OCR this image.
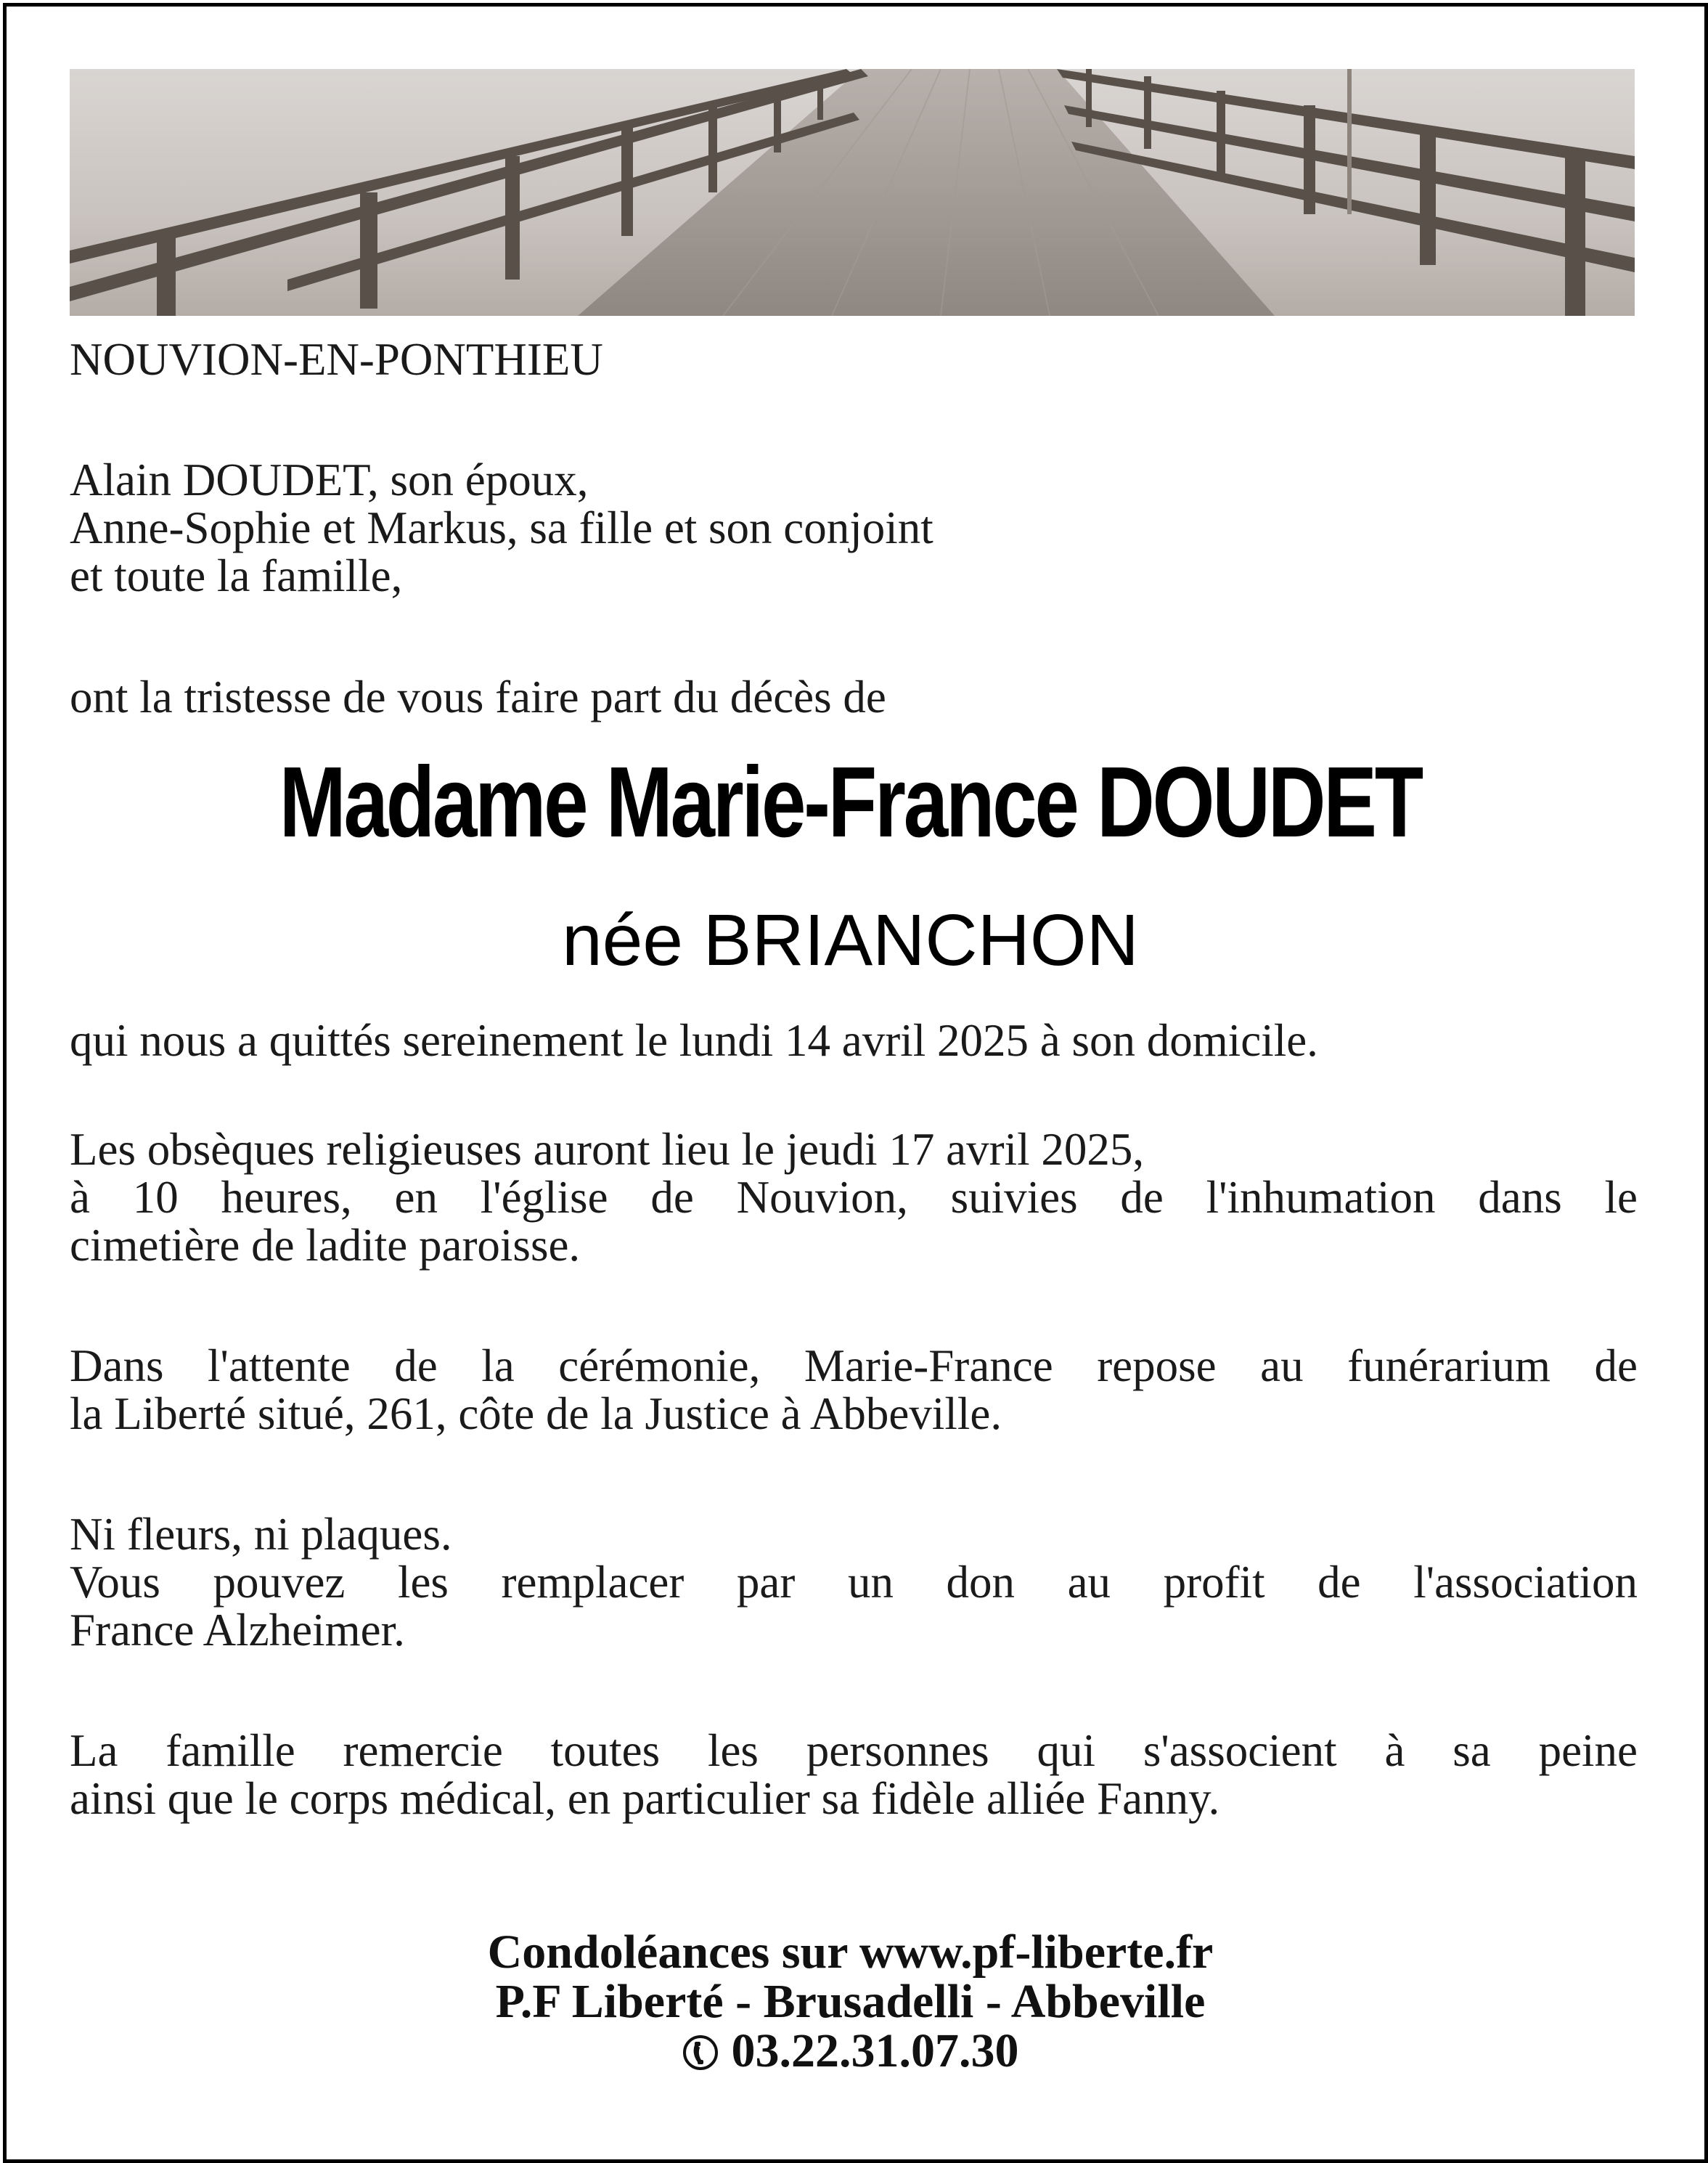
NOUVION-EN-PONTHIEU

Alain DOUDET, son époux,

Anne-Sophie et Markus, sa fille et son conjoint

et toute la famille,

ont la tristesse de vous faire part du décès de

Madame Marie-France DOUDET

née BRIANCHON

qui nous a quittés sereinement le lundi 14 avril 2025 à son domicile.

Les obsèques religieuses auront lieu le jeudi 17 avril 2025,

à 10 heures, en l'église de Nouvion, suivies de l'inhumation dans le

cimetière de ladite paroisse.

Dans l'attente de la cérémonie, Marie-France repose au funérarium de

la Liberté situé, 261, côte de la Justice à Abbeville.

Ni fleurs, ni plaques.

Vous pouvez les remplacer par un don au profit de l'association

France Alzheimer.

La famille remercie toutes les personnes qui s'associent à sa peine

ainsi que le corps médical, en particulier sa fidèle alliée Fanny.

Condoléances sur www.pf-liberte.fr

P.F Liberté - Brusadelli - Abbeville

03.22.31.07.30
